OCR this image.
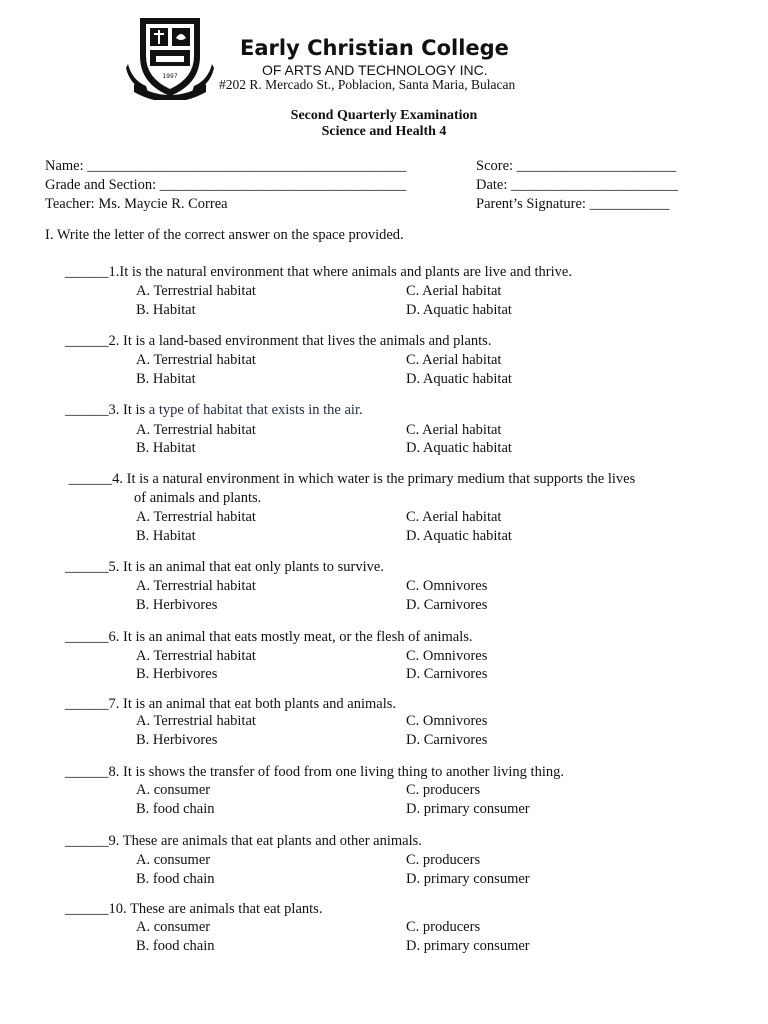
1997
Early Christian College
OF ARTS AND TECHNOLOGY INC.
#202 R. Mercado St., Poblacion, Santa Maria, Bulacan
Second Quarterly Examination
Science and Health 4
Name: ____________________________________________	Score: ______________________
Grade and Section: __________________________________	Date: _______________________
Teacher: Ms. Maycie R. Correa	Parent’s Signature: ___________
I. Write the letter of the correct answer on the space provided.
______1.It is the natural environment that where animals and plants are live and thrive.
A. Terrestrial habitat
B. Habitat
C. Aerial habitat
D. Aquatic habitat
______2. It is a land-based environment that lives the animals and plants.
A. Terrestrial habitat
B. Habitat
C. Aerial habitat
D. Aquatic habitat
______3. It is a type of habitat that exists in the air.
A. Terrestrial habitat
B. Habitat
C. Aerial habitat
D. Aquatic habitat
______4. It is a natural environment in which water is the primary medium that supports the lives
of animals and plants.
A. Terrestrial habitat
B. Habitat
C. Aerial habitat
D. Aquatic habitat
______5. It is an animal that eat only plants to survive.
A. Terrestrial habitat
B. Herbivores
C. Omnivores
D. Carnivores
______6. It is an animal that eats mostly meat, or the flesh of animals.
A. Terrestrial habitat
B. Herbivores
C. Omnivores
D. Carnivores
______7. It is an animal that eat both plants and animals.
A. Terrestrial habitat
B. Herbivores
C. Omnivores
D. Carnivores
______8. It is shows the transfer of food from one living thing to another living thing.
A. consumer
B. food chain
C. producers
D. primary consumer
______9. These are animals that eat plants and other animals.
A. consumer
B. food chain
C. producers
D. primary consumer
______10. These are animals that eat plants.
A. consumer
B. food chain
C. producers
D. primary consumer
